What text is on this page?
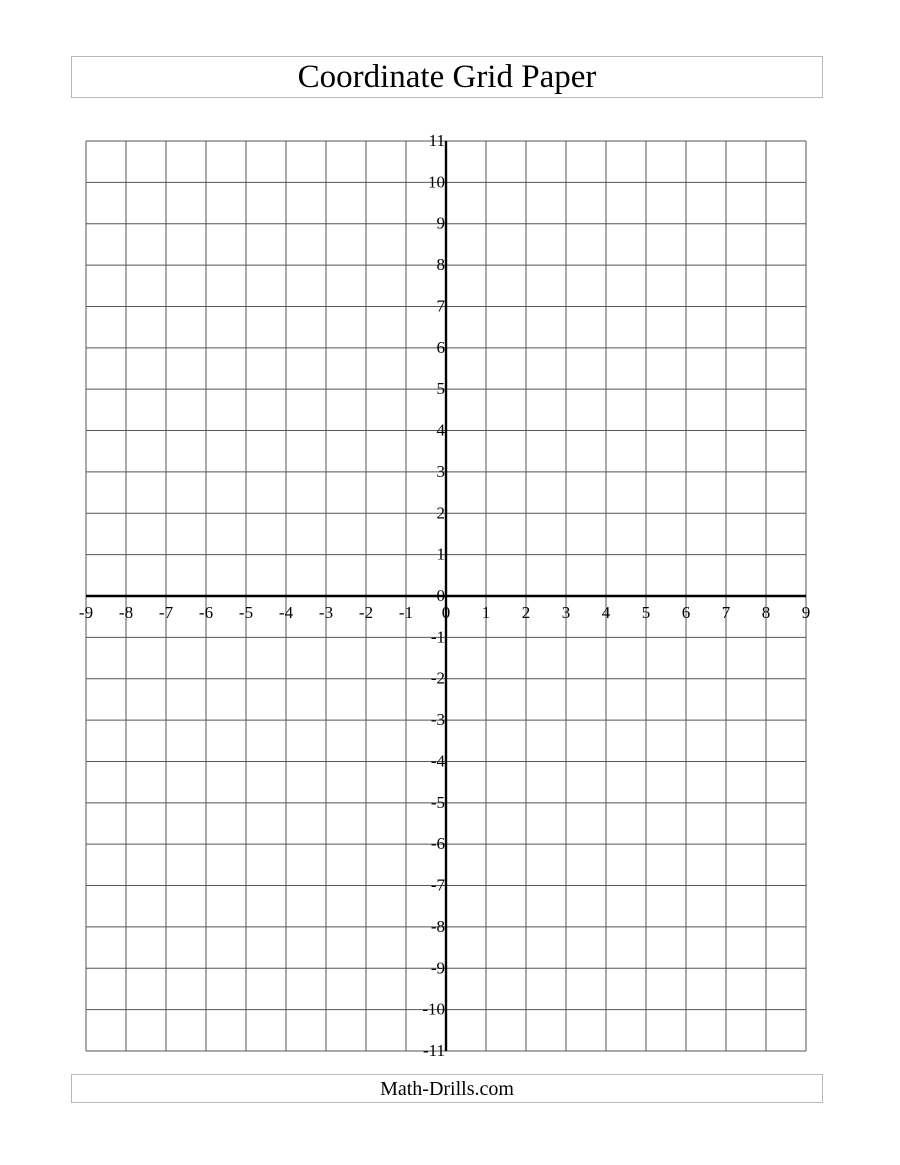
Coordinate Grid Paper
-9 -8 -7 -6 -5 -4 -3 -2 -1 0 1 2 3 4 5 6 7 8 9
-11
-10
-9
-8
-7
-6
-5
-4
-3
-2
-1
0
1
2
3
4
5
6
7
8
9
10
11
Math-Drills.com
